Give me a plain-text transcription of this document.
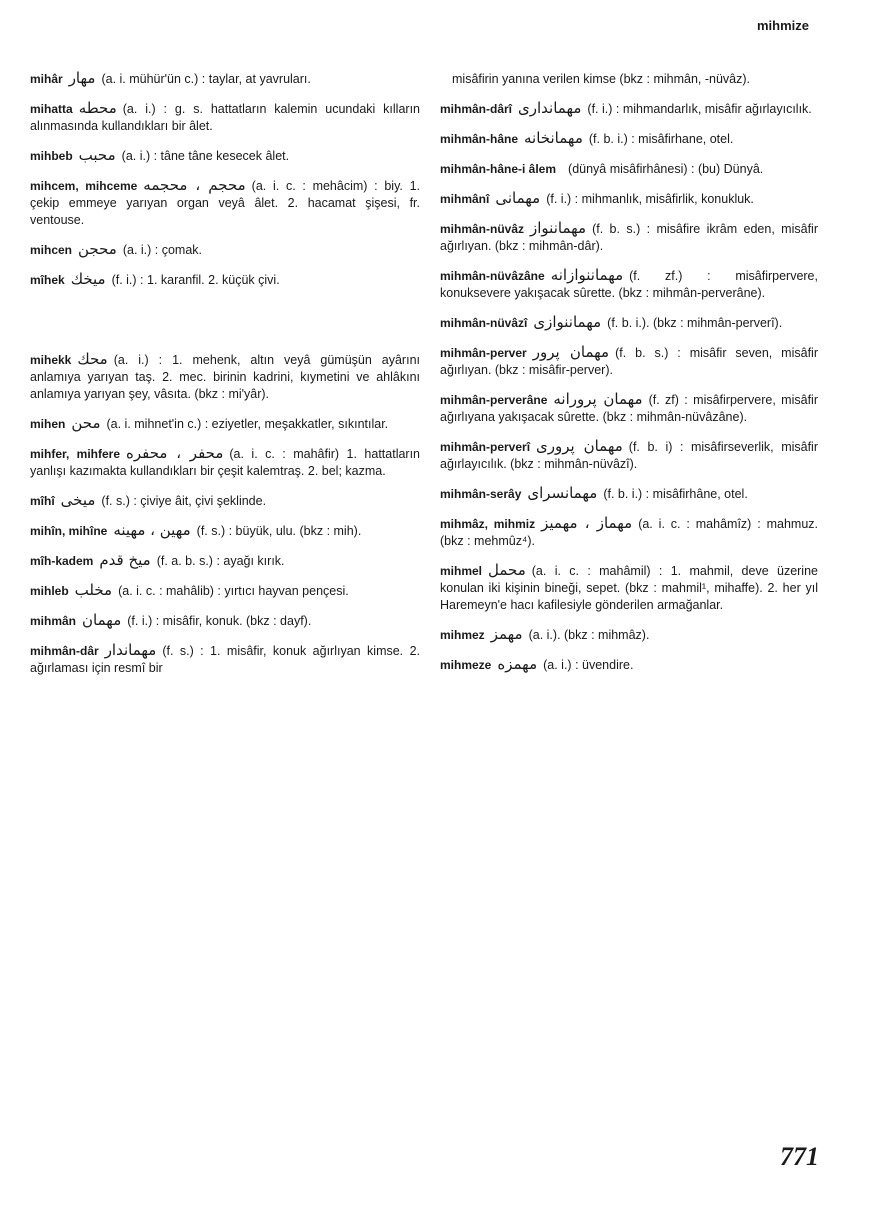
mihmize
mihâr مهار (a. i. mühür'ün c.) : taylar, at yavruları.
mihatta محطه (a. i.) : g. s. hattatların kalemin ucundaki kılların alınmasında kullandıkları bir âlet.
mihbeb محبب (a. i.) : tâne tâne kesecek âlet.
mihcem, mihceme محجم ، محجمه (a. i. c. : mehâcim) : biy. 1. çekip emmeye yarıyan organ veyâ âlet. 2. hacamat şişesi, fr. ventouse.
mihcen محجن (a. i.) : çomak.
mîhek میخك (f. i.) : 1. karanfil. 2. küçük çivi.
mihekk محك (a. i.) : 1. mehenk, altın veyâ gümüşün ayârını anlamıya yarıyan taş. 2. mec. birinin kadrini, kıymetini ve ahlâkını anlamıya yarıyan şey, vâsıta. (bkz : mi'yâr).
mihen محن (a. i. mihnet'in c.) : eziyetler, meşakkatler, sıkıntılar.
mihfer, mihfere محفر ، محفره (a. i. c. : mahâfir) 1. hattatların yanlışı kazımakta kullandıkları bir çeşit kalemtraş. 2. bel; kazma.
mîhî میخی (f. s.) : çiviye âit, çivi şeklinde.
mihîn, mihîne مهین ، مهینه (f. s.) : büyük, ulu. (bkz : mih).
mîh-kadem میخ قدم (f. a. b. s.) : ayağı kırık.
mihleb مخلب (a. i. c. : mahâlib) : yırtıcı hayvan pençesi.
mihmân مهمان (f. i.) : misâfir, konuk. (bkz : dayf).
mihmân-dâr مهماندار (f. s.) : 1. misâfir, konuk ağırlıyan kimse. 2. ağırlaması için resmî bir
misâfirin yanına verilen kimse (bkz : mihmân, -nüvâz).
mihmân-dârî مهمانداری (f. i.) : mihmandarlık, misâfir ağırlayıcılık.
mihmân-hâne مهمانخانه (f. b. i.) : misâfirhane, otel.
mihmân-hâne-i âlem (dünyâ misâfirhânesi) : (bu) Dünyâ.
mihmânî مهمانی (f. i.) : mihmanlık, misâfirlik, konukluk.
mihmân-nüvâz مهماننواز (f. b. s.) : misâfire ikrâm eden, misâfir ağırlıyan. (bkz : mihmân-dâr).
mihmân-nüvâzâne مهماننوازانه (f. zf.) : misâfirpervere, konuksevere yakışacak sûrette. (bkz : mihmân-perverâne).
mihmân-nüvâzî مهماننوازی (f. b. i.). (bkz : mihmân-perverî).
mihmân-perver مهمان پرور (f. b. s.) : misâfir seven, misâfir ağırlıyan. (bkz : misâfir-perver).
mihmân-perverâne مهمان پرورانه (f. zf) : misâfirpervere, misâfir ağırlıyana yakışacak sûrette. (bkz : mihmân-nüvâzâne).
mihmân-perverî مهمان پروری (f. b. i) : misâfirseverlik, misâfir ağırlayıcılık. (bkz : mihmân-nüvâzî).
mihmân-serây مهمانسرای (f. b. i.) : misâfirhâne, otel.
mihmâz, mihmiz مهماز ، مهمیز (a. i. c. : mahâmîz) : mahmuz. (bkz : mehmûz⁴).
mihmel محمل (a. i. c. : mahâmil) : 1. mahmil, deve üzerine konulan iki kişinin bineği, sepet. (bkz : mahmil¹, mihaffe). 2. her yıl Haremeyn'e hacı kafilesiyle gönderilen armağanlar.
mihmez مهمز (a. i.). (bkz : mihmâz).
mihmeze مهمزه (a. i.) : üvendire.
771
